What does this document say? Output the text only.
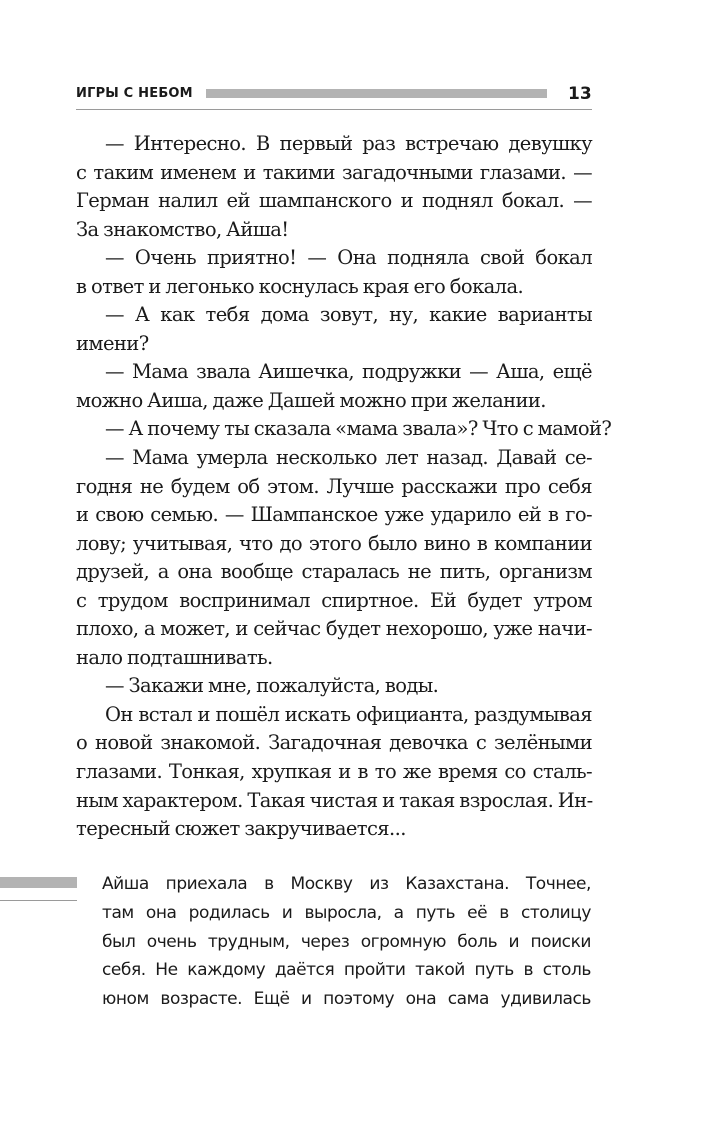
ИГРЫ С НЕБОМ	13
— Интересно. В первый раз встречаю девушку
с таким именем и такими загадочными глазами. —
Герман налил ей шампанского и поднял бокал. —
За знакомство, Айша!
— Очень приятно! — Она подняла свой бокал
в ответ и легонько коснулась края его бокала.
— А как тебя дома зовут, ну, какие варианты
имени?
— Мама звала Аишечка, подружки — Аша, ещё
можно Аиша, даже Дашей можно при желании.
— А почему ты сказала «мама звала»? Что с мамой?
— Мама умерла несколько лет назад. Давай се-
годня не будем об этом. Лучше расскажи про себя
и свою семью. — Шампанское уже ударило ей в го-
лову; учитывая, что до этого было вино в компании
друзей, а она вообще старалась не пить, организм
с трудом воспринимал спиртное. Ей будет утром
плохо, а может, и сейчас будет нехорошо, уже начи-
нало подташнивать.
— Закажи мне, пожалуйста, воды.
Он встал и пошёл искать официанта, раздумывая
о новой знакомой. Загадочная девочка с зелёными
глазами. Тонкая, хрупкая и в то же время со сталь-
ным характером. Такая чистая и такая взрослая. Ин-
тересный сюжет закручивается...
Айша приехала в Москву из Казахстана. Точнее,
там она родилась и выросла, а путь её в столицу
был очень трудным, через огромную боль и поиски
себя. Не каждому даётся пройти такой путь в столь
юном возрасте. Ещё и поэтому она сама удивилась
